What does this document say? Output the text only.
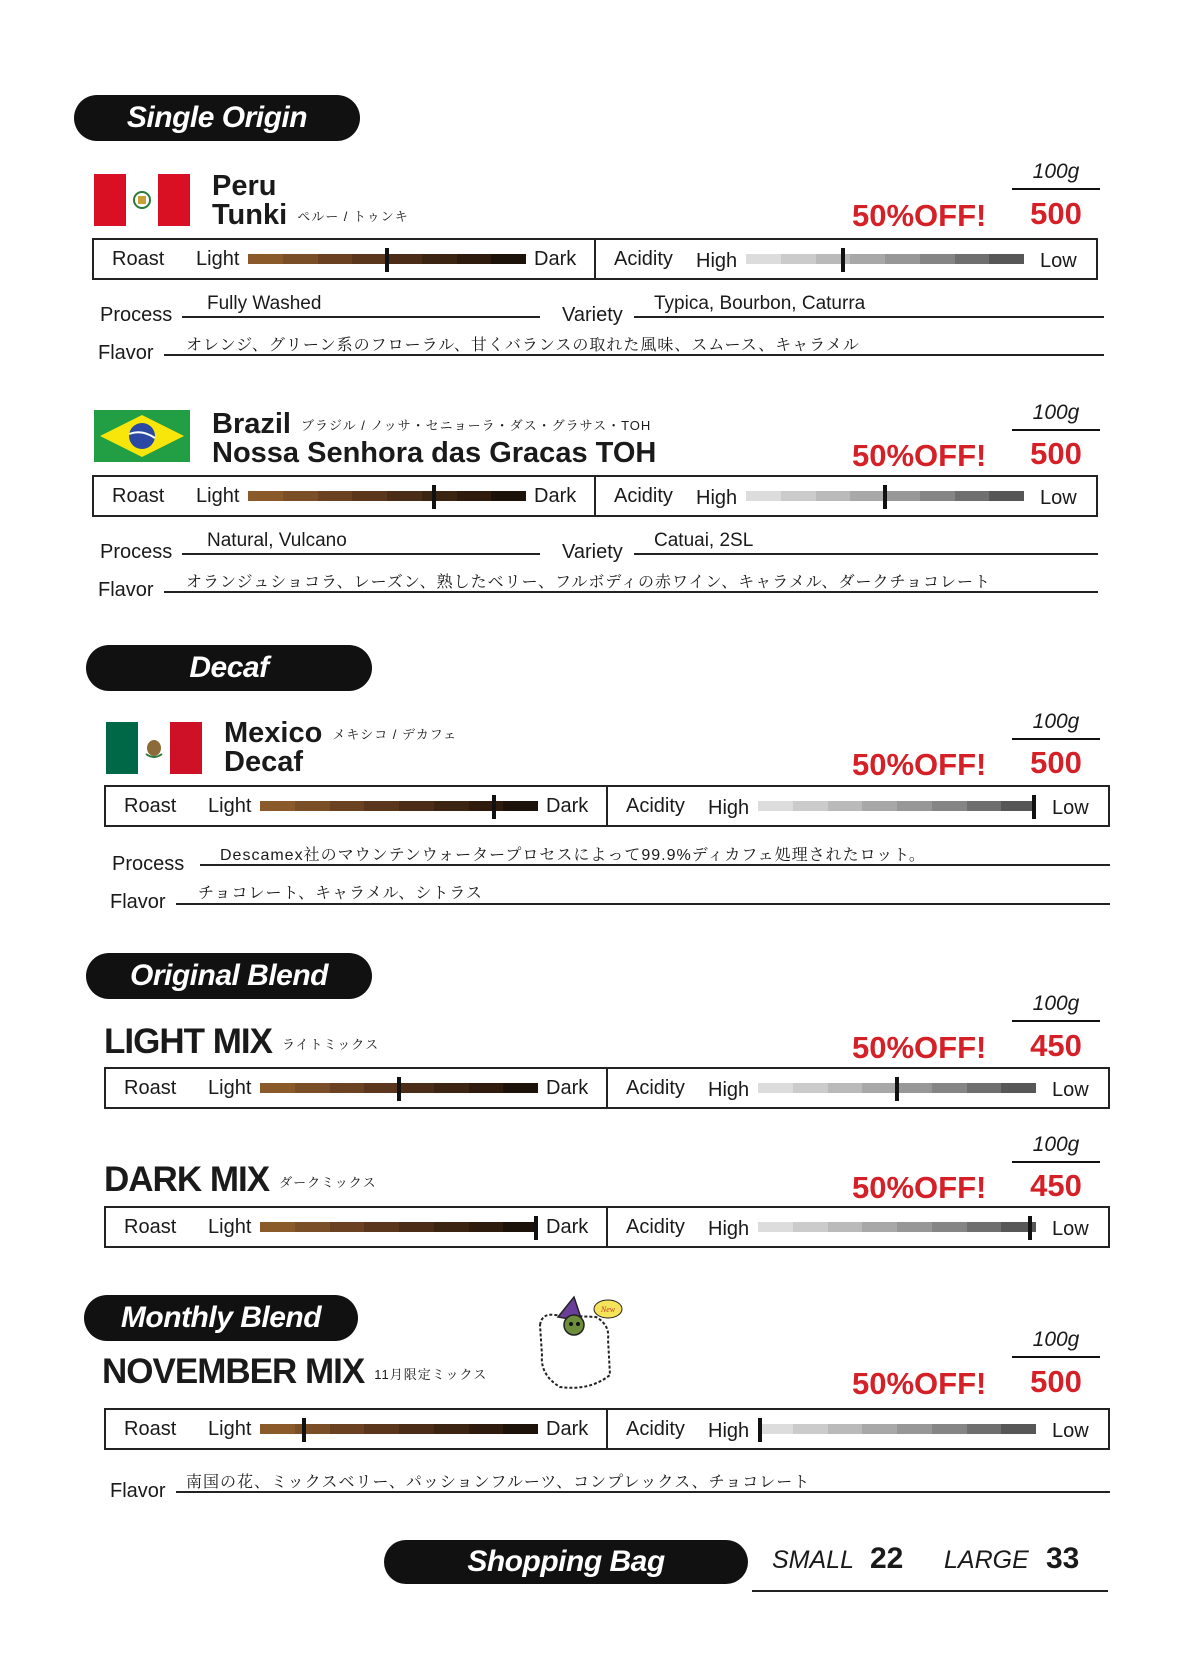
Single Origin
Peru
Tunki ペルー / トゥンキ
100g
50%OFF!	500
Roast Light	Dark Acidity High	Low
Process
Fully Washed
Variety
Typica, Bourbon, Caturra
Flavor オレンジ、グリーン系のフローラル、甘くバランスの取れた風味、スムース、キャラメル
Brazil ブラジル / ノッサ・セニョーラ・ダス・グラサス・TOH
Nossa Senhora das Gracas TOH
100g
50%OFF!	500
Roast Light	Dark Acidity High	Low
Process
Natural, Vulcano
Variety
Catuai, 2SL
Flavor オランジュショコラ、レーズン、熟したベリー、フルボディの赤ワイン、キャラメル、ダークチョコレート
Decaf
Mexico メキシコ / デカフェ
Decaf
100g
50%OFF!	500
Roast Light	Dark Acidity High	Low
Process Descamex社のマウンテンウォータープロセスによって99.9%ディカフェ処理されたロット。
Flavor チョコレート、キャラメル、シトラス
Original Blend
LIGHT MIX ライトミックス
100g
50%OFF!	450
Roast Light	Dark Acidity High	Low
DARK MIX ダークミックス
100g
50%OFF!	450
Roast Light	Dark Acidity High	Low
Monthly Blend	New
NOVEMBER MIX 11月限定ミックス
100g
50%OFF!	500
Roast Light	Dark Acidity High	Low
Flavor 南国の花、ミックスベリー、パッションフルーツ、コンプレックス、チョコレート
Shopping Bag	SMALL 22 LARGE 33
